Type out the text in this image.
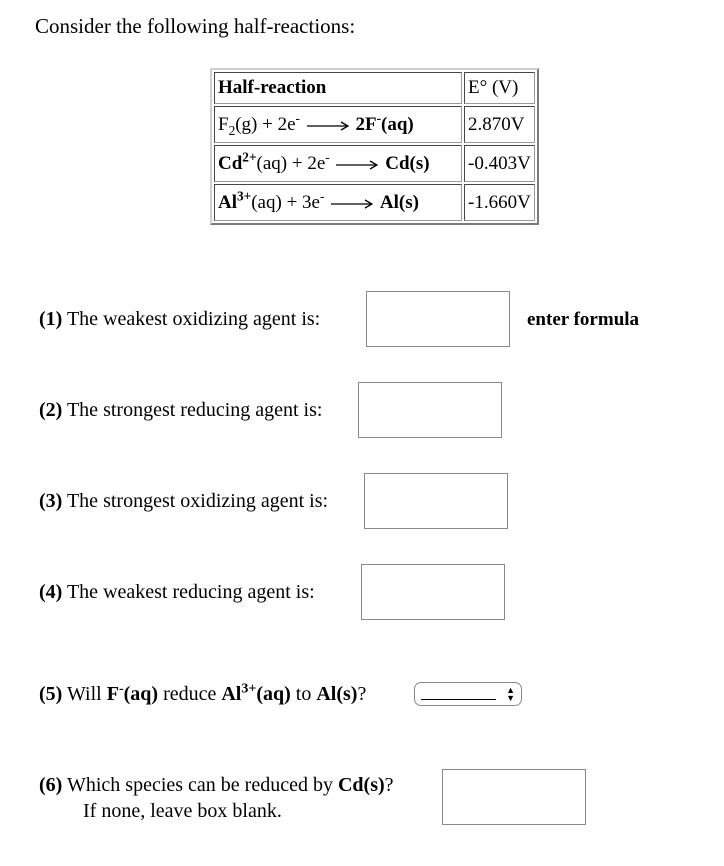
Consider the following half-reactions:
Half-reaction	E° (V)
$F_2(g) + 2e^-$ 2F-(aq)	2.870V
$Cd^{2+}(aq) + 2e^-$ Cd(s)	-0.403V
$Al^{3+}(aq) + 3e^-$ Al(s)	-1.660V
(1) The weakest oxidizing agent is:	enter formula
(2) The strongest reducing agent is:
(3) The strongest oxidizing agent is:
(4) The weakest reducing agent is:
(5) Will F-(aq) reduce $Al^{3+}(aq)$ to Al(s)?	▲
▼
(6) Which species can be reduced by Cd(s)?
If none, leave box blank.
